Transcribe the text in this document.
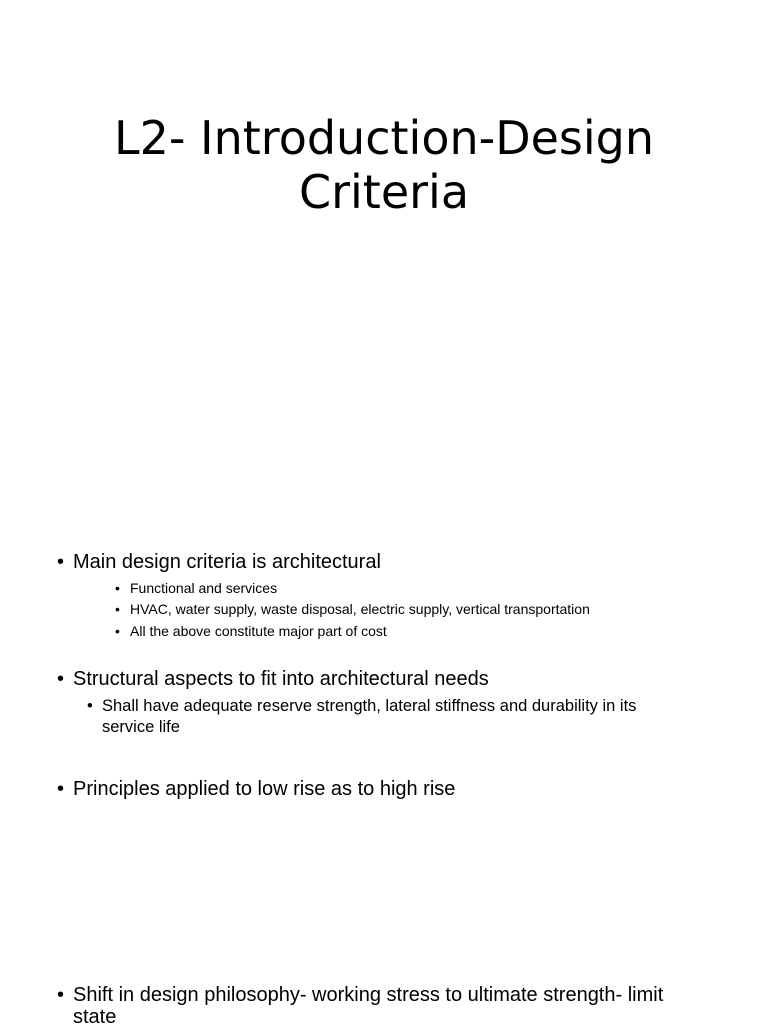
L2- Introduction-Design
Criteria
• Main design criteria is architectural
• Functional and services
• HVAC, water supply, waste disposal, electric supply, vertical transportation
• All the above constitute major part of cost
• Structural aspects to fit into architectural needs
• Shall have adequate reserve strength, lateral stiffness and durability in its service life
• Principles applied to low rise as to high rise
• Shift in design philosophy- working stress to ultimate strength- limit state
